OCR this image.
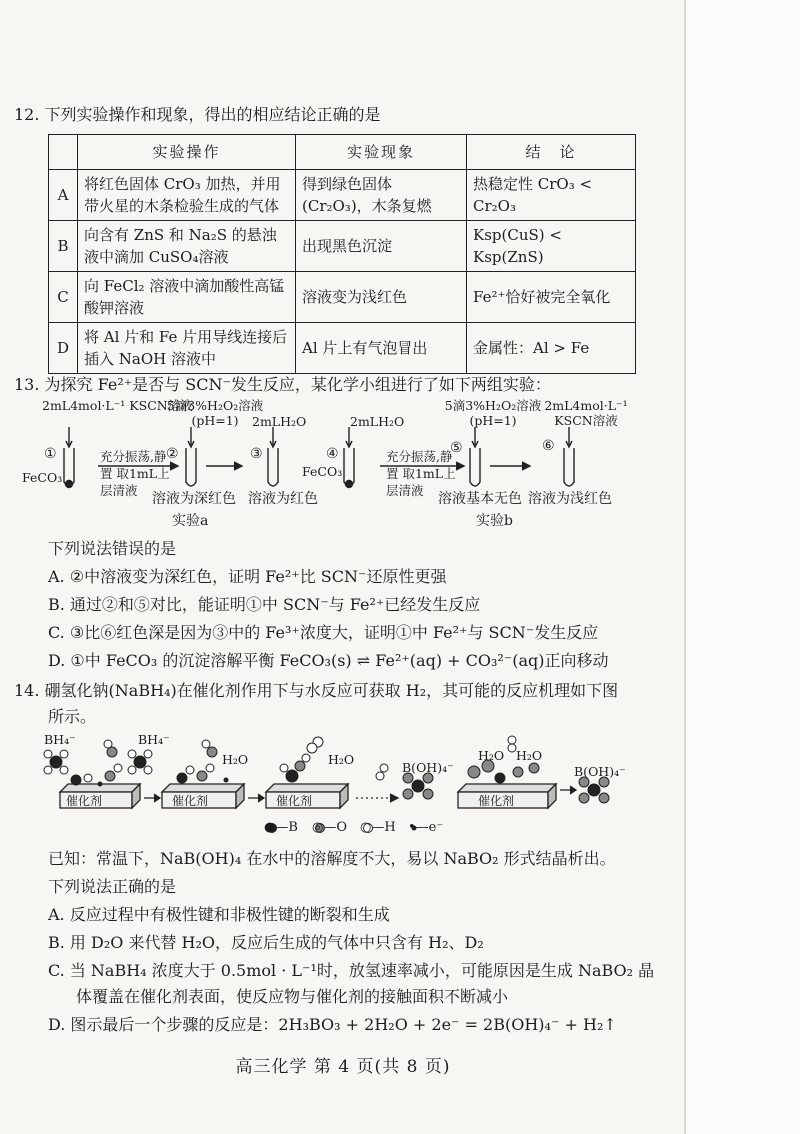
12. 下列实验操作和现象，得出的相应结论正确的是
	实验操作	实验现象	结　论
A	将红色固体 CrO₃ 加热，并用带火星的木条检验生成的气体	得到绿色固体(Cr₂O₃)，木条复燃	热稳定性 CrO₃ < Cr₂O₃
B	向含有 ZnS 和 Na₂S 的悬浊液中滴加 CuSO₄溶液	出现黑色沉淀	Ksp(CuS) < Ksp(ZnS)
C	向 FeCl₂ 溶液中滴加酸性高锰酸钾溶液	溶液变为浅红色	Fe²⁺恰好被完全氧化
D	将 Al 片和 Fe 片用导线连接后插入 NaOH 溶液中	Al 片上有气泡冒出	金属性：Al > Fe
13. 为探究 Fe²⁺是否与 SCN⁻发生反应，某化学小组进行了如下两组实验：
2mL4mol·L⁻¹ KSCN溶液
5滴3%H₂O₂溶液 (pH=1)	2mLH₂O
①	②	③
FeCO₃
充分振荡,静置 取1mL上层清液
溶液为深红色 溶液为红色
实验a
2mLH₂O
5滴3%H₂O₂溶液 (pH=1)
2mL4mol·L⁻¹ KSCN溶液
④	⑤	⑥
FeCO₃
充分振荡,静置 取1mL上层清液
溶液基本无色 溶液为浅红色
实验b
下列说法错误的是
A. ②中溶液变为深红色，证明 Fe²⁺比 SCN⁻还原性更强
B. 通过②和⑤对比，能证明①中 SCN⁻与 Fe²⁺已经发生反应
C. ③比⑥红色深是因为③中的 Fe³⁺浓度大，证明①中 Fe²⁺与 SCN⁻发生反应
D. ①中 FeCO₃ 的沉淀溶解平衡 FeCO₃(s) ⇌ Fe²⁺(aq) + CO₃²⁻(aq)正向移动
14. 硼氢化钠(NaBH₄)在催化剂作用下与水反应可获取 H₂，其可能的反应机理如下图
所示。
BH₄⁻	BH₄⁻
H₂O	H₂O
B(OH)₄⁻
H₂O H₂O
B(OH)₄⁻
催化剂	催化剂	催化剂	催化剂
●—B ◎—O ○—H •—e⁻
已知：常温下，NaB(OH)₄ 在水中的溶解度不大，易以 NaBO₂ 形式结晶析出。
下列说法正确的是
A. 反应过程中有极性键和非极性键的断裂和生成
B. 用 D₂O 来代替 H₂O，反应后生成的气体中只含有 H₂、D₂
C. 当 NaBH₄ 浓度大于 0.5mol · L⁻¹时，放氢速率减小，可能原因是生成 NaBO₂ 晶
体覆盖在催化剂表面，使反应物与催化剂的接触面积不断减小
D. 图示最后一个步骤的反应是：2H₃BO₃ + 2H₂O + 2e⁻ = 2B(OH)₄⁻ + H₂↑
高三化学 第 4 页(共 8 页)
